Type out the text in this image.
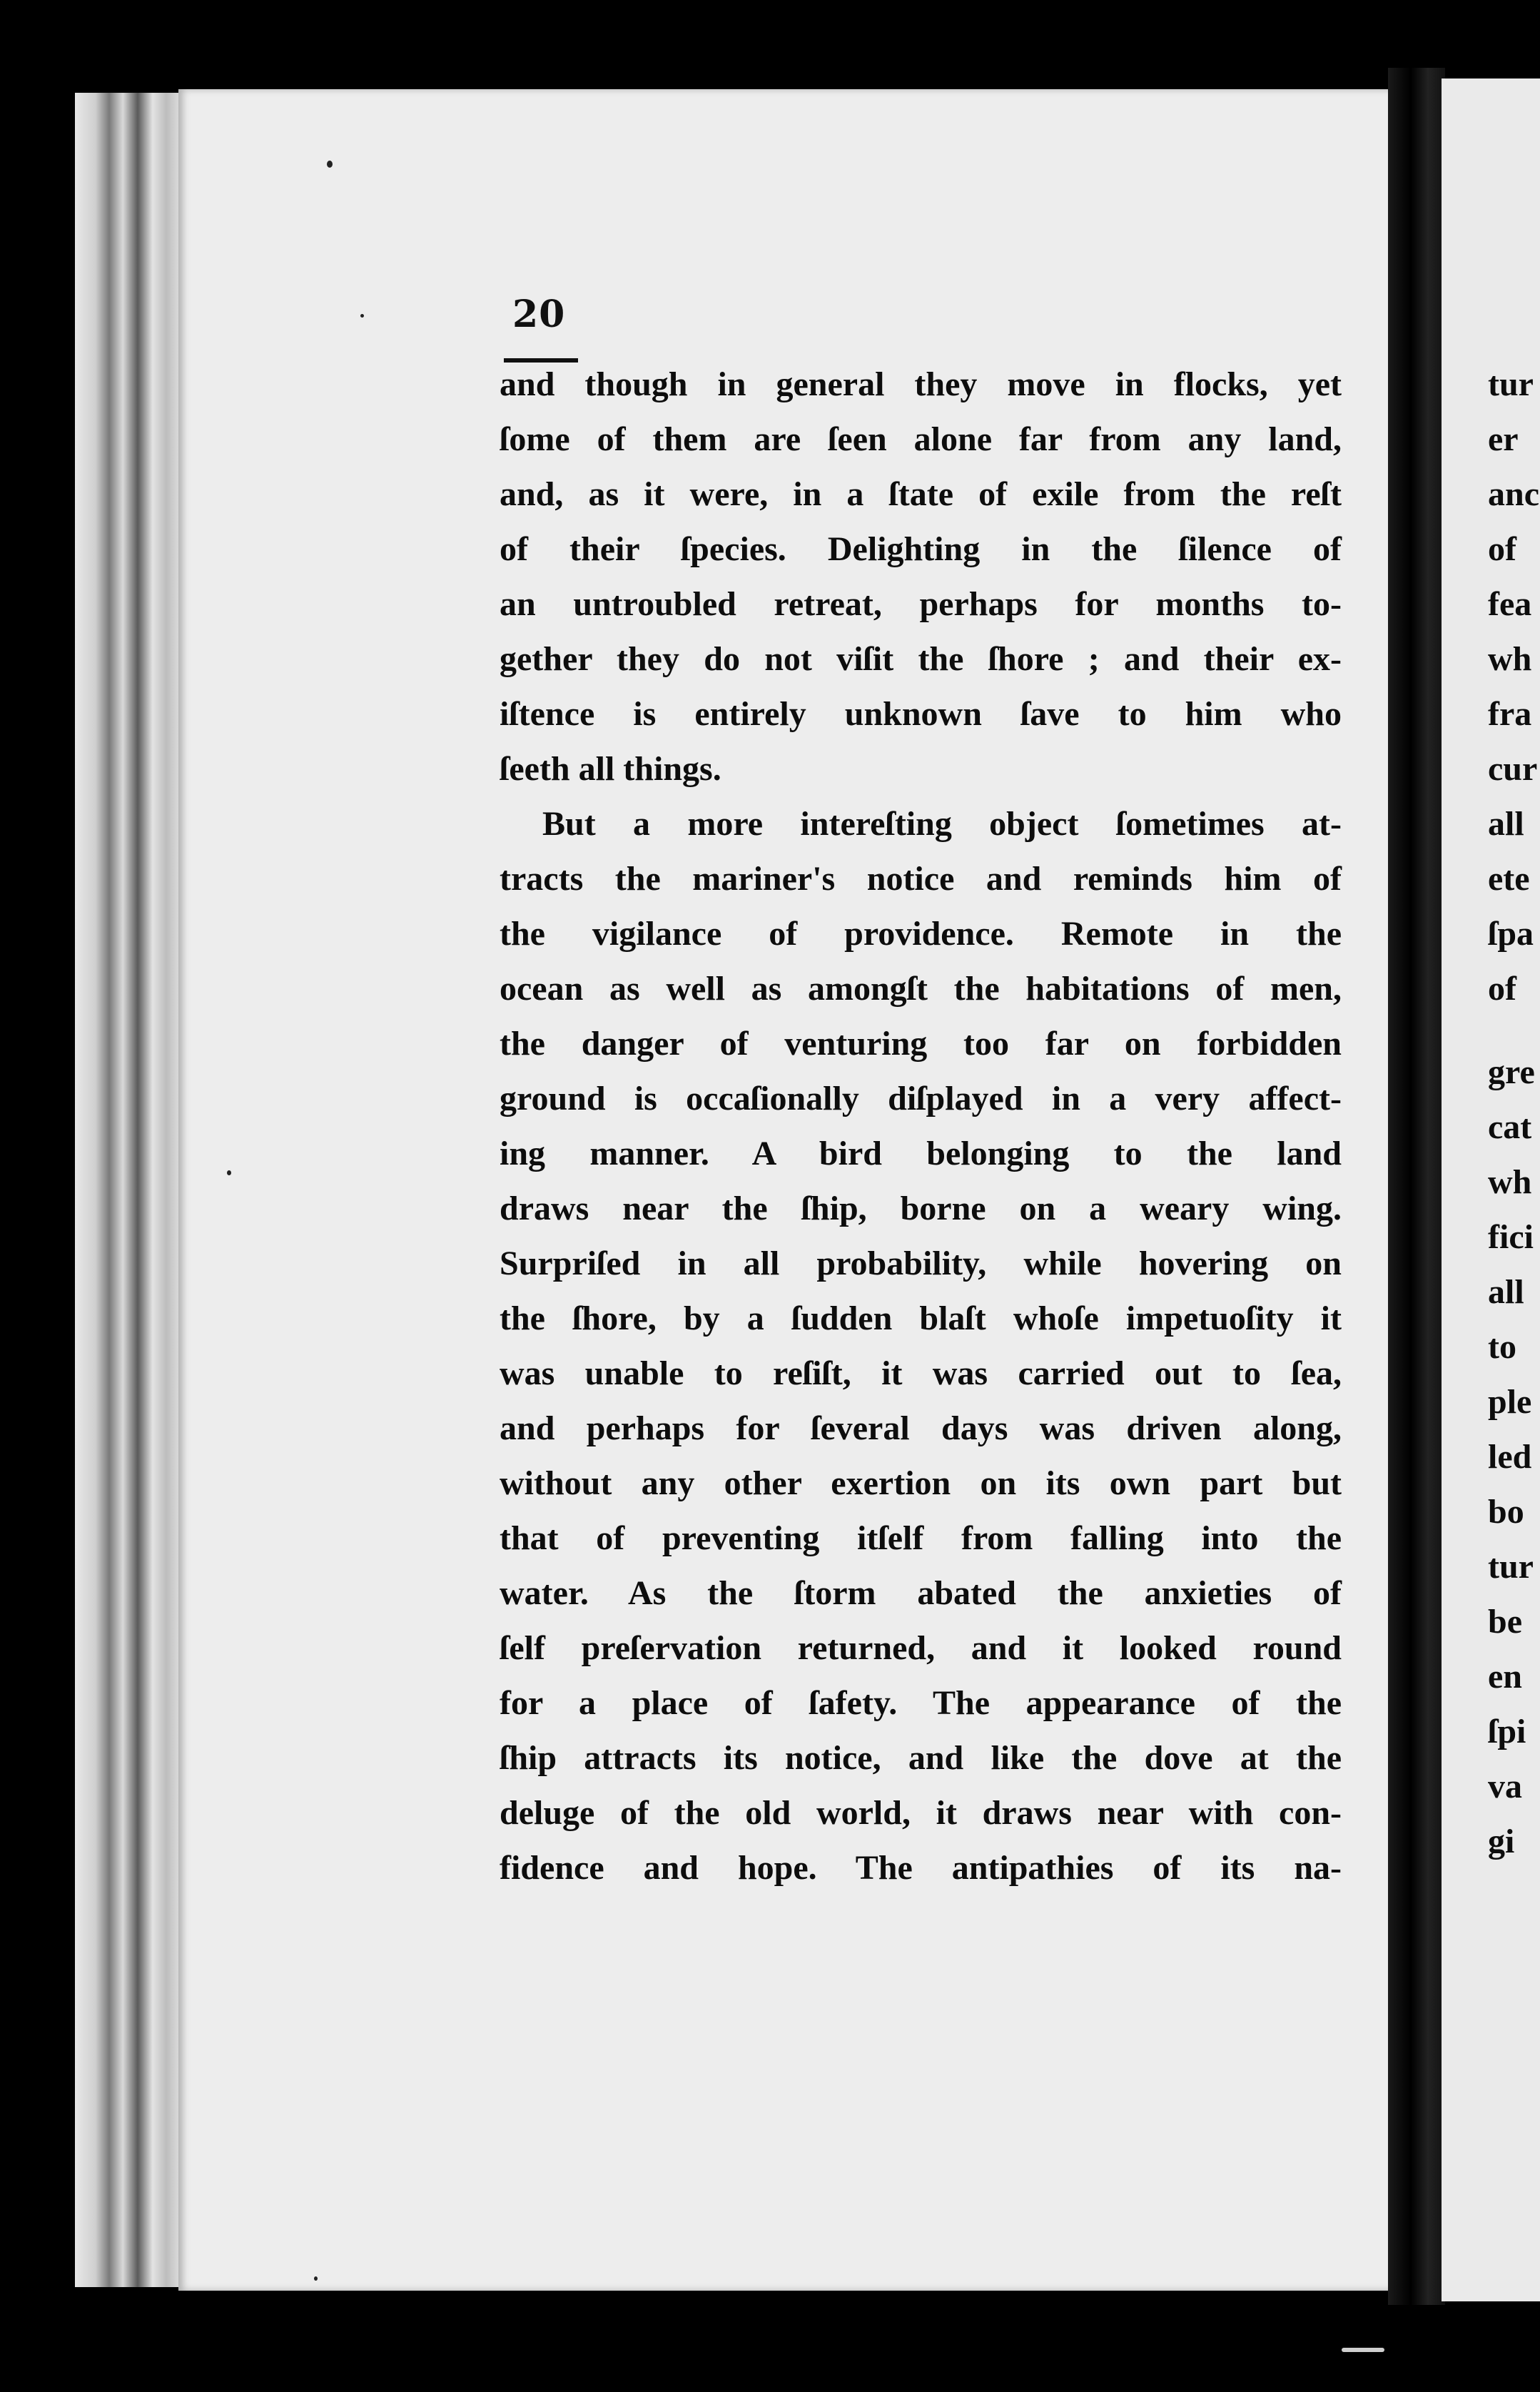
20
and though in general they move in flocks, yet
ſome of them are ſeen alone far from any land,
and, as it were, in a ſtate of exile from the reſt
of their ſpecies. Delighting in the ſilence of
an untroubled retreat, perhaps for months to-
gether they do not viſit the ſhore ; and their ex-
iſtence is entirely unknown ſave to him who
ſeeth all things.
But a more intereſting object ſometimes at-
tracts the mariner's notice and reminds him of
the vigilance of providence. Remote in the
ocean as well as amongſt the habitations of men,
the danger of venturing too far on forbidden
ground is occaſionally diſplayed in a very affect-
ing manner. A bird belonging to the land
draws near the ſhip, borne on a weary wing.
Surpriſed in all probability, while hovering on
the ſhore, by a ſudden blaſt whoſe impetuoſity it
was unable to reſiſt, it was carried out to ſea,
and perhaps for ſeveral days was driven along,
without any other exertion on its own part but
that of preventing itſelf from falling into the
water. As the ſtorm abated the anxieties of
ſelf preſervation returned, and it looked round
for a place of ſafety. The appearance of the
ſhip attracts its notice, and like the dove at the
deluge of the old world, it draws near with con-
fidence and hope. The antipathies of its na-
tur
er
anc
of
fea
wh
fra
cur
all
ete
ſpa
of
gre
cat
wh
fici
all
to
ple
led
bo
tur
be
en
ſpi
va
gi
